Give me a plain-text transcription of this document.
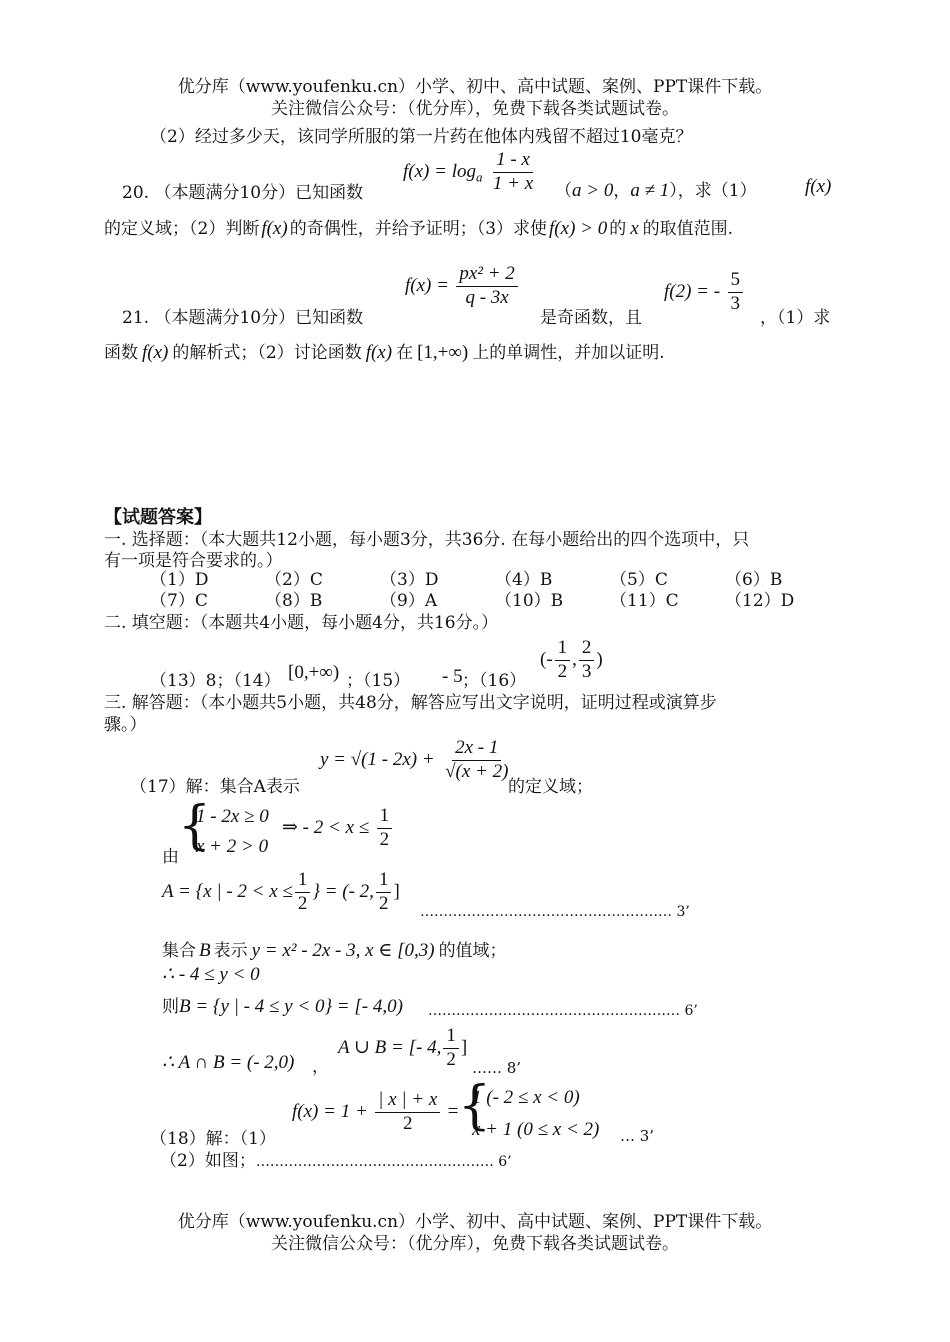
优分库（www.youfenku.cn）小学、初中、高中试题、案例、PPT课件下载。
关注微信公众号：（优分库），免费下载各类试题试卷。
（2）经过多少天，该同学所服的第一片药在他体内残留不超过10毫克？
$f(x) = \log_a \frac{1 - x}{1 + x}$
20. （本题满分10分）已知函数	（a > 0，a ≠ 1），求（1）	f(x)
的定义域；（2）判断 f(x) 的奇偶性，并给予证明；（3）求使 f(x) > 0 的 x 的取值范围.
$f(x) = \frac{\text{px² + 2}}{q - 3x}$	f(2) = - $\frac{5}{3}$
21. （本题满分10分）已知函数	是奇函数，且	，（1）求
函数 f(x) 的解析式；（2）讨论函数 f(x) 在 [1,+∞) 上的单调性，并加以证明.
【试题答案】
一. 选择题：（本大题共12小题，每小题3分，共36分. 在每小题给出的四个选项中，只
有一项是符合要求的。）
（1）D	（2）C	（3）D	（4）B	（5）C	（6）B
（7）C	（8）B	（9）A	（10）B	（11）C	（12）D
二. 填空题：（本题共4小题，每小题4分，共16分。）
（13）8；（14） [0,+∞) ；（15） - 5 ；（16）
(- $\frac{1}{2}$ , $\frac{2}{3}$ )
三. 解答题：（本小题共5小题，共48分，解答应写出文字说明，证明过程或演算步
骤。）
$y = √(1 - 2x) + \frac{2x - 1}{√(x + 2)}$
（17）解：集合A表示	的定义域；
由
{
1 - 2x ≥ 0
x + 2 > 0
⇒ - $2 < x \le \frac{1}{2}$
A = {x | - $2 < x \le \frac{1}{2}$ } = (- 2, $\frac{1}{2}$ ]
……………………………………………… 3’
集合 B 表示 y = x² - 2x - 3, x ∈ [0,3) 的值域；
∴ - 4 ≤ y < 0
则B = {y | - 4 ≤ y < 0} = [- 4,0) ……………………………………………… 6’
∴ A ∩ B = (- 2,0) ，
A ∪ B = [- 4, $\frac{1}{2}$ ]
…… 8’
$f(x) = 1 + \frac{| x | + x}{2}$ = {
1 (- 2 ≤ x < 0)
x + 1 (0 ≤ x < 2) … 3’
（18）解：（1）
（2）如图；…………………………………………… 6’
优分库（www.youfenku.cn）小学、初中、高中试题、案例、PPT课件下载。
关注微信公众号：（优分库），免费下载各类试题试卷。
